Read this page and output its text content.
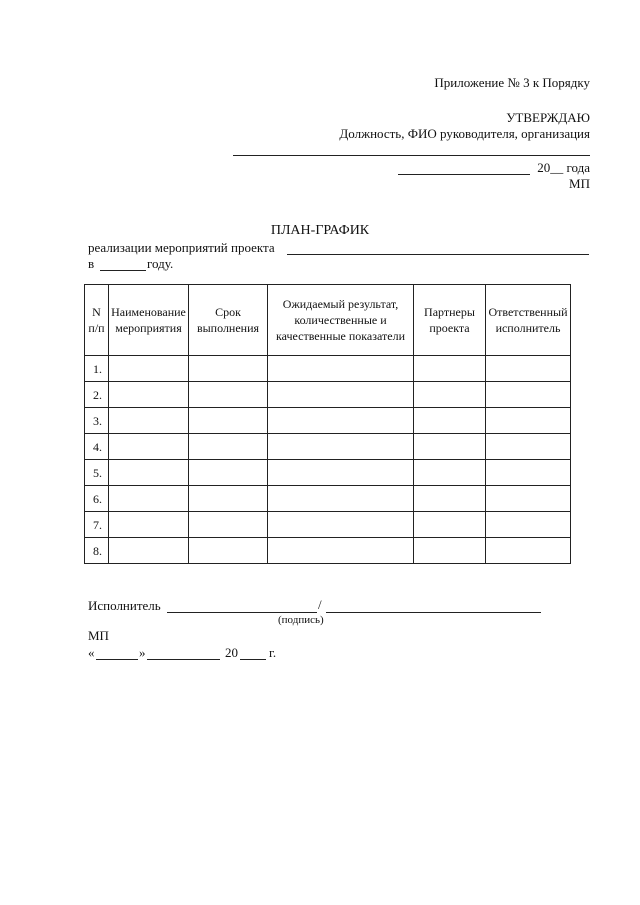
Приложение № 3 к Порядку
УТВЕРЖДАЮ
Должность, ФИО руководителя, организация
20__ года
МП
ПЛАН-ГРАФИК
реализации мероприятий проекта
в	году.
N п/п	Наименование мероприятия	Срок выполнения	Ожидаемый результат, количественные и качественные показатели	Партнеры проекта	Ответственный исполнитель
1.					
2.					
3.					
4.					
5.					
6.					
7.					
8.					
Исполнитель	/
(подпись)
МП
«	»	20 г.
